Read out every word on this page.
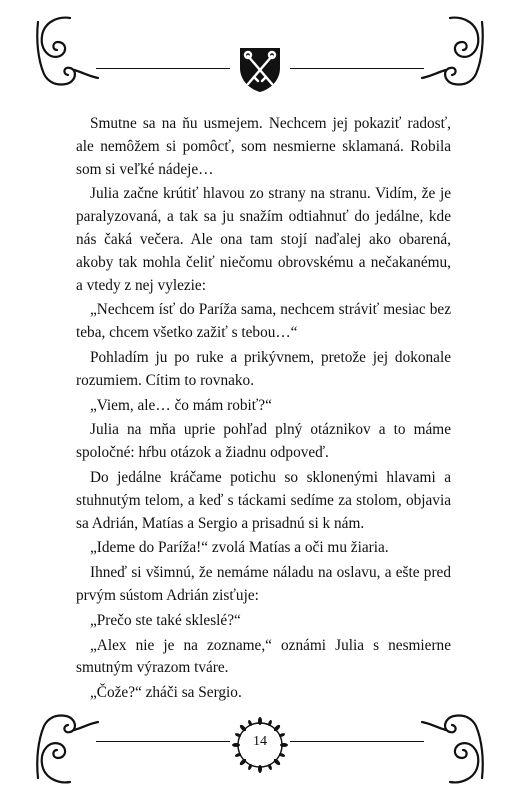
Smutne sa na ňu usmejem. Nechcem jej pokaziť radosť, ale nemôžem si pomôcť, som nesmierne sklamaná. Robila som si veľké nádeje…

Julia začne krútiť hlavou zo strany na stranu. Vidím, že je paralyzovaná, a tak sa ju snažím odtiahnuť do jedálne, kde nás čaká večera. Ale ona tam stojí naďalej ako obarená, akoby tak mohla čeliť niečomu obrovskému a nečakanému, a vtedy z nej vylezie:

„Nechcem ísť do Paríža sama, nechcem stráviť mesiac bez teba, chcem všetko zažiť s tebou…“

Pohladím ju po ruke a prikývnem, pretože jej dokonale rozumiem. Cítim to rovnako.

„Viem, ale… čo mám robiť?“

Julia na mňa uprie pohľad plný otáznikov a to máme spoločné: hŕbu otázok a žiadnu odpoveď.

Do jedálne kráčame potichu so sklonenými hlavami a stuhnutým telom, a keď s táckami sedíme za stolom, objavia sa Adrián, Matías a Sergio a prisadnú si k nám.

„Ideme do Paríža!“ zvolá Matías a oči mu žiaria.

Ihneď si všimnú, že nemáme náladu na oslavu, a ešte pred prvým sústom Adrián zisťuje:

„Prečo ste také skleslé?“

„Alex nie je na zozname,“ oznámi Julia s nesmierne smutným výrazom tváre.

„Čože?“ zháči sa Sergio.

14
